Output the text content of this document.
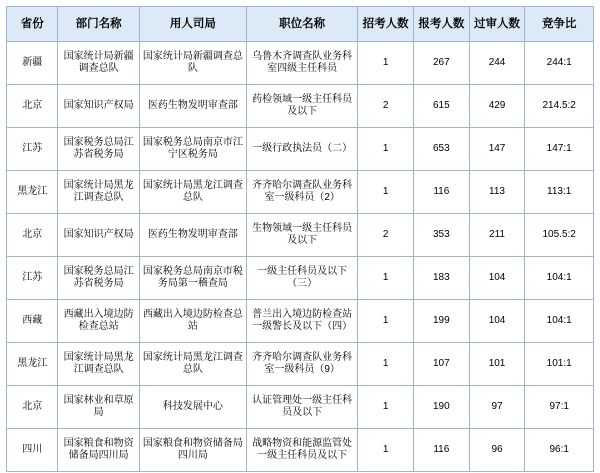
省份	部门名称	用人司局	职位名称	招考人数	报考人数	过审人数	竞争比
新疆	国家统计局新疆调查总队	国家统计局新疆调查总队	乌鲁木齐调查队业务科室四级主任科员	1	267	244	244:1
北京	国家知识产权局	医药生物发明审查部	药检领域一级主任科员及以下	2	615	429	214.5:2
江苏	国家税务总局江苏省税务局	国家税务总局南京市江宁区税务局	一级行政执法员（二）	1	653	147	147:1
黑龙江	国家统计局黑龙江调查总队	国家统计局黑龙江调查总队	齐齐哈尔调查队业务科室一级科员（2）	1	116	113	113:1
北京	国家知识产权局	医药生物发明审查部	生物领域一级主任科员及以下	2	353	211	105.5:2
江苏	国家税务总局江苏省税务局	国家税务总局南京市税务局第一稽查局	一级主任科员及以下（三）	1	183	104	104:1
西藏	西藏出入境边防检查总站	西藏出入境边防检查总站	普兰出入境边防检查站一级警长及以下（四）	1	199	104	104:1
黑龙江	国家统计局黑龙江调查总队	国家统计局黑龙江调查总队	齐齐哈尔调查队业务科室一级科员（9）	1	107	101	101:1
北京	国家林业和草原局	科技发展中心	认证管理处一级主任科员及以下	1	190	97	97:1
四川	国家粮食和物资储备局四川局	国家粮食和物资储备局四川局	战略物资和能源监管处一级主任科员及以下	1	116	96	96:1
